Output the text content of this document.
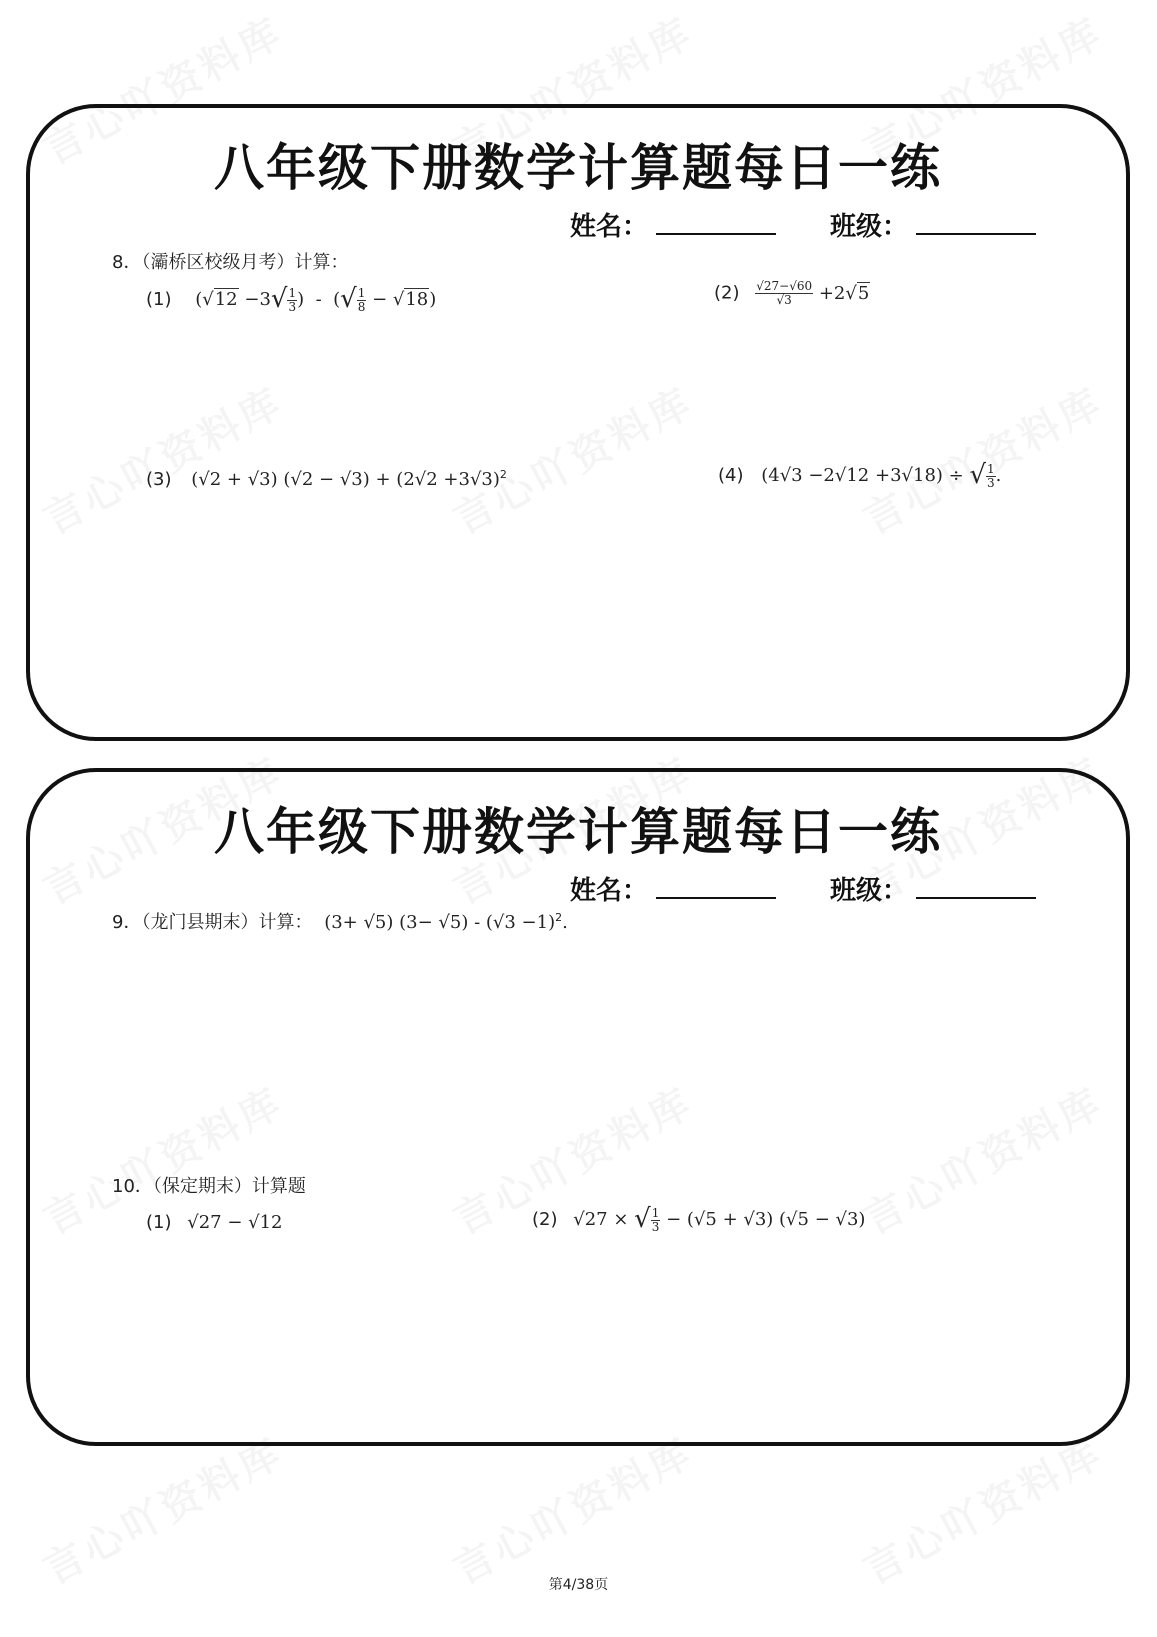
八年级下册数学计算题每日一练
姓名：	班级：
8．（灞桥区校级月考）计算：
(1) ($√12 -3√ \frac{1}{3}$ )  -  (√ $\frac{1}{8} - √18$)	$(2) \frac{√27-√60}{√3} +2√5$
(3) (√2 + √3) $(√2 - √3) + (2√2 +3√3)^2$	(4) (4√3 −2√12 +3√18) ÷ √ $\frac{1}{3}$ .
八年级下册数学计算题每日一练
姓名：	班级：
9．（龙门县期末）计算： (3+ √5) $(3- √5) - (√3 -1)^2$.
10．（保定期末）计算题
(1) √27 − √12	(2) √27 × √ $\frac{1}{3} - (√5 + √3) (√5 - √3)$
第4/38页
